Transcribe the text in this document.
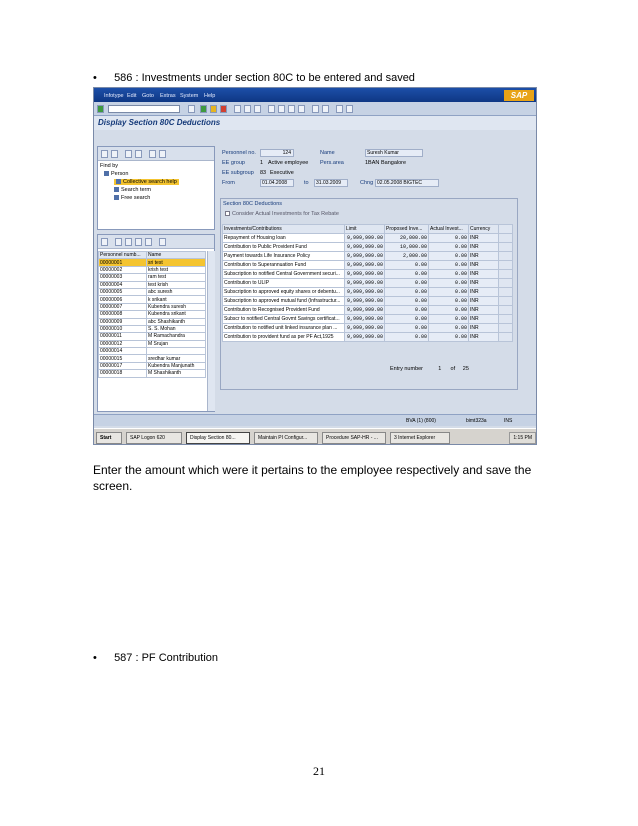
• 586 : Investments under section 80C to be entered and saved
Infotype Edit Goto Extras System Help	SAP
Display Section 80C Deductions
Find by
Person
Collective search help
Search term
Free search
Personnel numb...	Name
00000001	sri test
00000002	krish test
00000003	ram test
00000004	test krish
00000005	abc suresh
00000006	k srikant
00000007	Kubendra suresh
00000008	Kubendra srikant
00000009	abc Shashikanth
00000010	S. S. Mohan
00000011	M Ramachandra
00000012	M Srujan
00000014	
00000015	sredhar kumar
00000017	Kubendra Manjunath
00000018	M Shashikanth
Personnel no.	124	Name	Suresh Kumar
EE group	1 Active employee Pers.area	1BAN Bangalore
EE subgroup 83 Executive
From	01.04.2008	to	31.03.2009	Chng 02.05.2008 BIGTEC
Section 80C Deductions
Consider Actual Investments for Tax Rebate
Investments/Contributions	Limit	Proposed Inve...	Actual Invest...	Currency	
Repayment of Housing loan	9,999,999.00	20,000.00	0.00	INR	
Contribution to Public Provident Fund	9,999,999.00	10,000.00	0.00	INR	
Payment towards Life Insurance Policy	9,999,999.00	2,000.00	0.00	INR	
Contribution to Superannuation Fund	9,999,999.00	0.00	0.00	INR	
Subscription to notified Central Government securi...	9,999,999.00	0.00	0.00	INR	
Contribution to ULIP	9,999,999.00	0.00	0.00	INR	
Subscription to approved equity shares or debentu...	9,999,999.00	0.00	0.00	INR	
Subscription to approved mutual fund (Infrastructur...	9,999,999.00	0.00	0.00	INR	
Contribution to Recognised Provident Fund	9,999,999.00	0.00	0.00	INR	
Subscr to notified Central Govmt Savings certificat...	9,999,999.00	0.00	0.00	INR	
Contribution to notified unit linked insurance plan ...	9,999,999.00	0.00	0.00	INR	
Contribution to provident fund as per PF Act,1925	9,999,999.00	0.00	0.00	INR	
Entry number	1 of 25
BVA (1) (800)	bimt323a	INS
Start	SAP Logon 620	Display Section 80...	Maintain PI Configur...	Procedure SAP-HR - ...	3 Internet Explorer	1:15 PM
Enter the amount which were it pertains to the employee respectively and save the screen.
• 587 : PF Contribution
21
